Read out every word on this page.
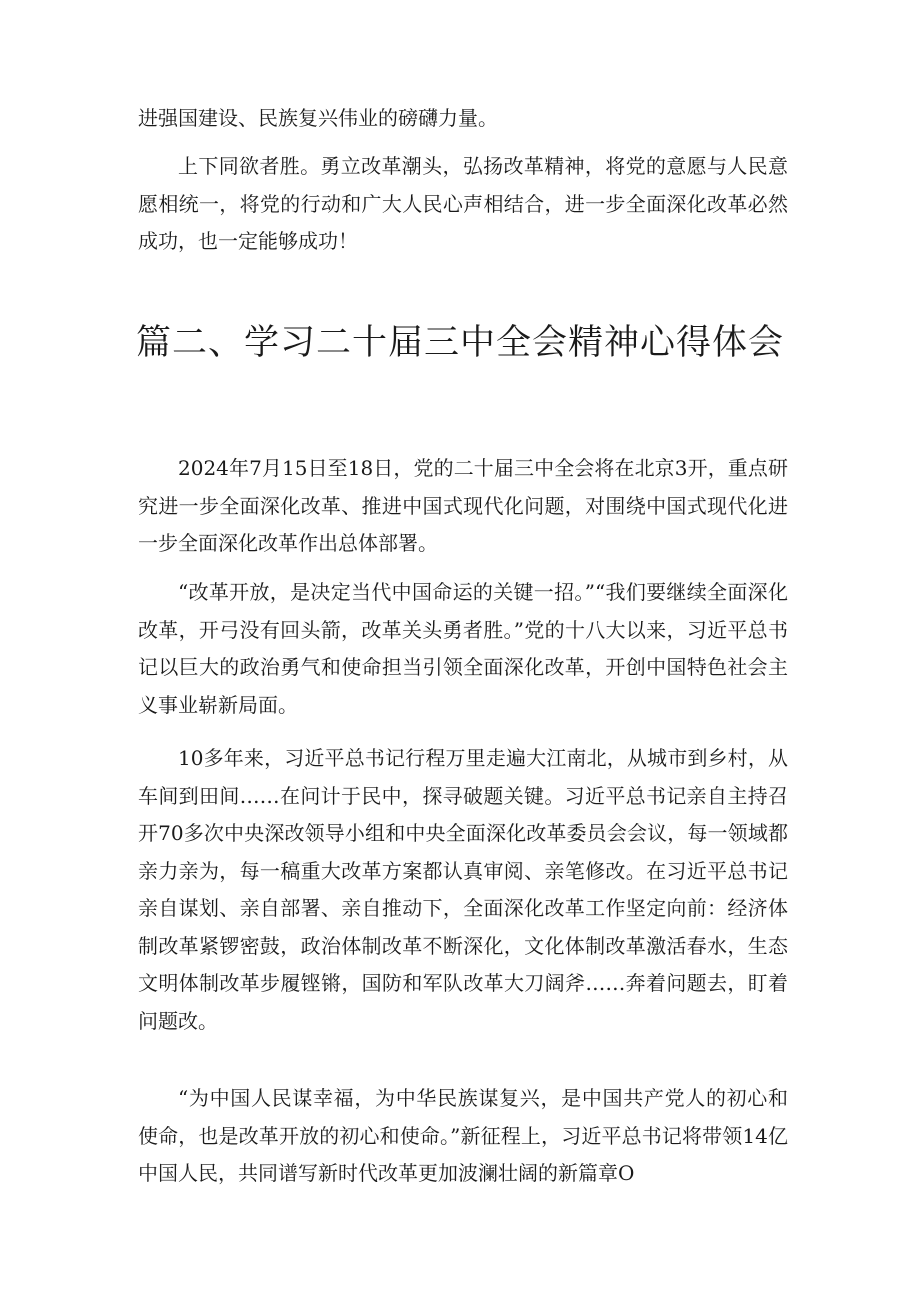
进强国建设、民族复兴伟业的磅礴力量。

上下同欲者胜。勇立改革潮头，弘扬改革精神，将党的意愿与人民意愿相统一，将党的行动和广大人民心声相结合，进一步全面深化改革必然成功，也一定能够成功！

篇二、学习二十届三中全会精神心得体会

2024年7月15日至18日，党的二十届三中全会将在北京3开，重点研究进一步全面深化改革、推进中国式现代化问题，对围绕中国式现代化进一步全面深化改革作出总体部署。

“改革开放，是决定当代中国命运的关键一招。”“我们要继续全面深化改革，开弓没有回头箭，改革关头勇者胜。”党的十八大以来，习近平总书记以巨大的政治勇气和使命担当引领全面深化改革，开创中国特色社会主义事业崭新局面。

10多年来，习近平总书记行程万里走遍大江南北，从城市到乡村，从车间到田间……在问计于民中，探寻破题关键。习近平总书记亲自主持召开70多次中央深改领导小组和中央全面深化改革委员会会议，每一领域都亲力亲为，每一稿重大改革方案都认真审阅、亲笔修改。在习近平总书记亲自谋划、亲自部署、亲自推动下，全面深化改革工作坚定向前：经济体制改革紧锣密鼓，政治体制改革不断深化，文化体制改革激活春水，生态文明体制改革步履铿锵，国防和军队改革大刀阔斧……奔着问题去，盯着问题改。

“为中国人民谋幸福，为中华民族谋复兴，是中国共产党人的初心和使命，也是改革开放的初心和使命。”新征程上，习近平总书记将带领14亿中国人民，共同谱写新时代改革更加波澜壮阔的新篇章O
